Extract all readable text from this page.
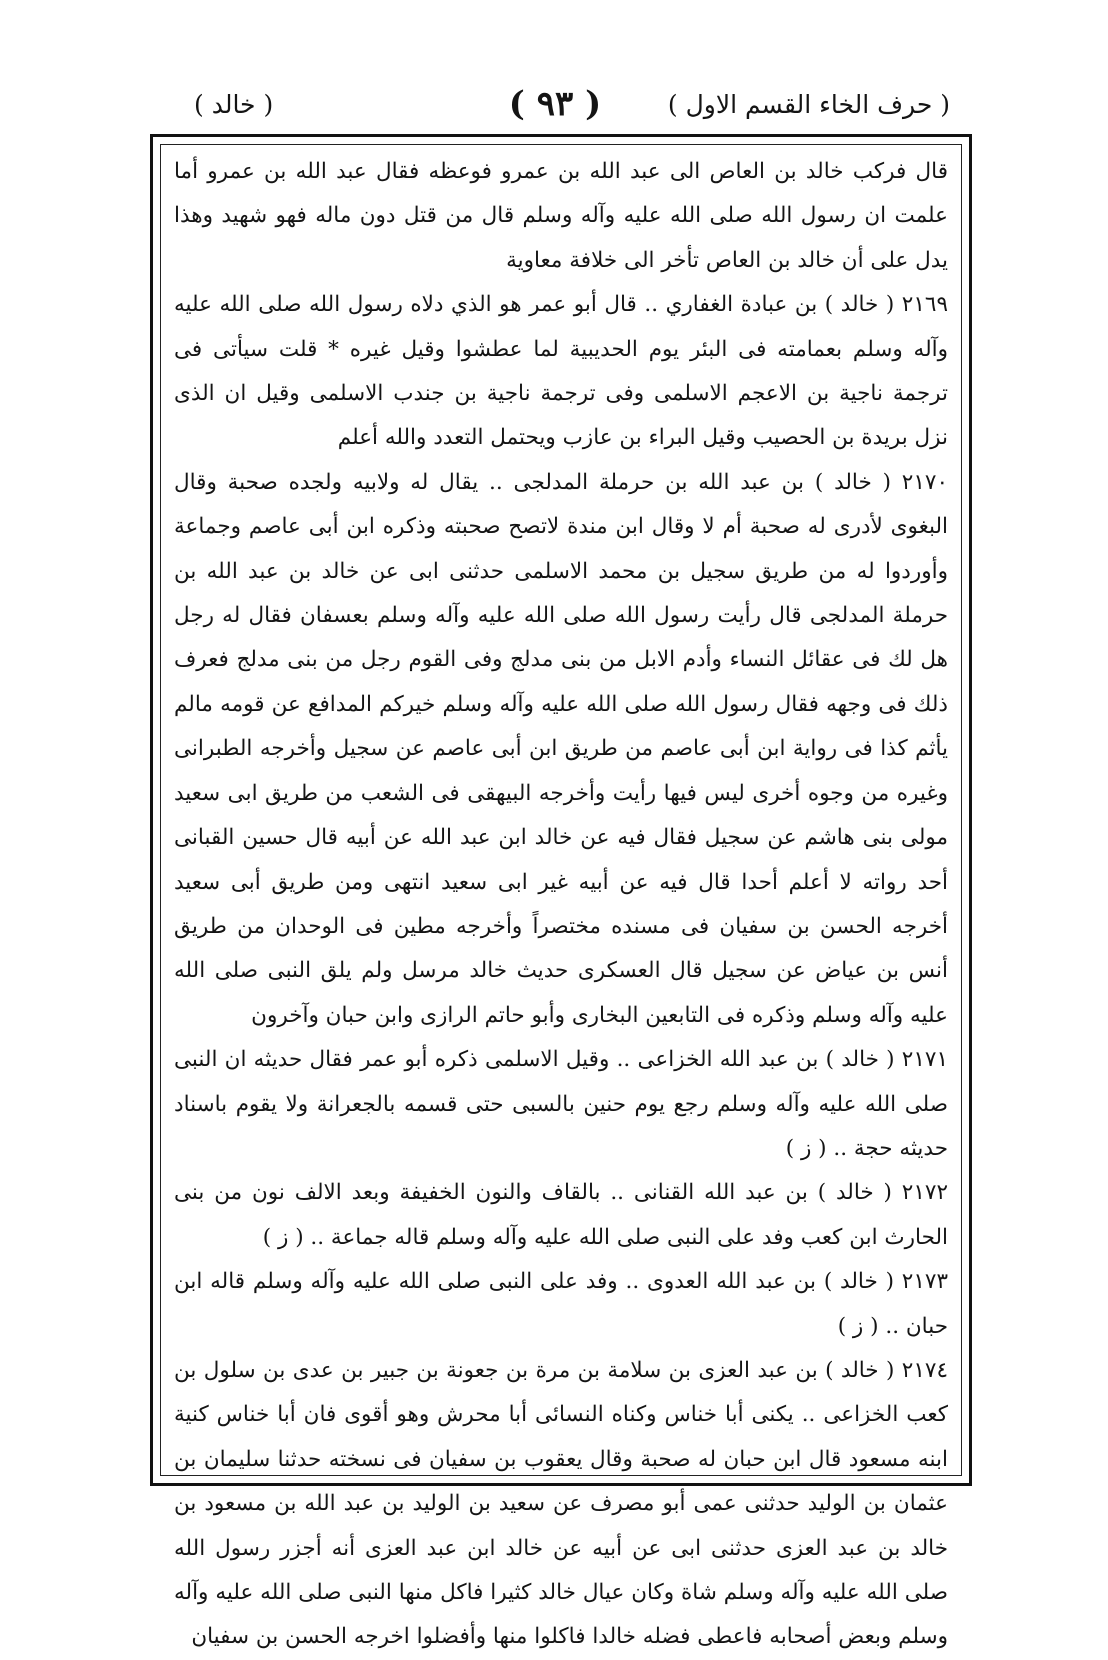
( حرف الخاء القسم الاول )
( ٩٣ )
( خالد )

قال فركب خالد بن العاص الى عبد الله بن عمرو فوعظه فقال عبد الله بن عمرو أما علمت ان رسول الله صلى الله عليه وآله وسلم قال من قتل دون ماله فهو شهيد وهذا يدل على أن خالد بن العاص تأخر الى خلافة معاوية

٢١٦٩ ( خالد ) بن عبادة الغفاري .. قال أبو عمر هو الذي دلاه رسول الله صلى الله عليه وآله وسلم بعمامته فى البئر يوم الحديبية لما عطشوا وقيل غيره * قلت سيأتى فى ترجمة ناجية بن الاعجم الاسلمى وفى ترجمة ناجية بن جندب الاسلمى وقيل ان الذى نزل بريدة بن الحصيب وقيل البراء بن عازب ويحتمل التعدد والله أعلم

٢١٧٠ ( خالد ) بن عبد الله بن حرملة المدلجى .. يقال له ولابيه ولجده صحبة وقال البغوى لأدرى له صحبة أم لا وقال ابن مندة لاتصح صحبته وذكره ابن أبى عاصم وجماعة وأوردوا له من طريق سجيل بن محمد الاسلمى حدثنى ابى عن خالد بن عبد الله بن حرملة المدلجى قال رأيت رسول الله صلى الله عليه وآله وسلم بعسفان فقال له رجل هل لك فى عقائل النساء وأدم الابل من بنى مدلج وفى القوم رجل من بنى مدلج فعرف ذلك فى وجهه فقال رسول الله صلى الله عليه وآله وسلم خيركم المدافع عن قومه مالم يأثم كذا فى رواية ابن أبى عاصم من طريق ابن أبى عاصم عن سجيل وأخرجه الطبرانى وغيره من وجوه أخرى ليس فيها رأيت وأخرجه البيهقى فى الشعب من طريق ابى سعيد مولى بنى هاشم عن سجيل فقال فيه عن خالد ابن عبد الله عن أبيه قال حسين القبانى أحد رواته لا أعلم أحدا قال فيه عن أبيه غير ابى سعيد انتهى ومن طريق أبى سعيد أخرجه الحسن بن سفيان فى مسنده مختصراً وأخرجه مطين فى الوحدان من طريق أنس بن عياض عن سجيل قال العسكرى حديث خالد مرسل ولم يلق النبى صلى الله عليه وآله وسلم وذكره فى التابعين البخارى وأبو حاتم الرازى وابن حبان وآخرون

٢١٧١ ( خالد ) بن عبد الله الخزاعى .. وقيل الاسلمى ذكره أبو عمر فقال حديثه ان النبى صلى الله عليه وآله وسلم رجع يوم حنين بالسبى حتى قسمه بالجعرانة ولا يقوم باسناد حديثه حجة .. ( ز )

٢١٧٢ ( خالد ) بن عبد الله القنانى .. بالقاف والنون الخفيفة وبعد الالف نون من بنى الحارث ابن كعب وفد على النبى صلى الله عليه وآله وسلم قاله جماعة .. ( ز )

٢١٧٣ ( خالد ) بن عبد الله العدوى .. وفد على النبى صلى الله عليه وآله وسلم قاله ابن حبان .. ( ز )

٢١٧٤ ( خالد ) بن عبد العزى بن سلامة بن مرة بن جعونة بن جبير بن عدى بن سلول بن كعب الخزاعى .. يكنى أبا خناس وكناه النسائى أبا محرش وهو أقوى فان أبا خناس كنية ابنه مسعود قال ابن حبان له صحبة وقال يعقوب بن سفيان فى نسخته حدثنا سليمان بن عثمان بن الوليد حدثنى عمى أبو مصرف عن سعيد بن الوليد بن عبد الله بن مسعود بن خالد بن عبد العزى حدثنى ابى عن أبيه عن خالد ابن عبد العزى أنه أجزر رسول الله صلى الله عليه وآله وسلم شاة وكان عيال خالد كثيرا فاكل منها النبى صلى الله عليه وآله وسلم وبعض أصحابه فاعطى فضله خالدا فاكلوا منها وأفضلوا اخرجه الحسن بن سفيان
